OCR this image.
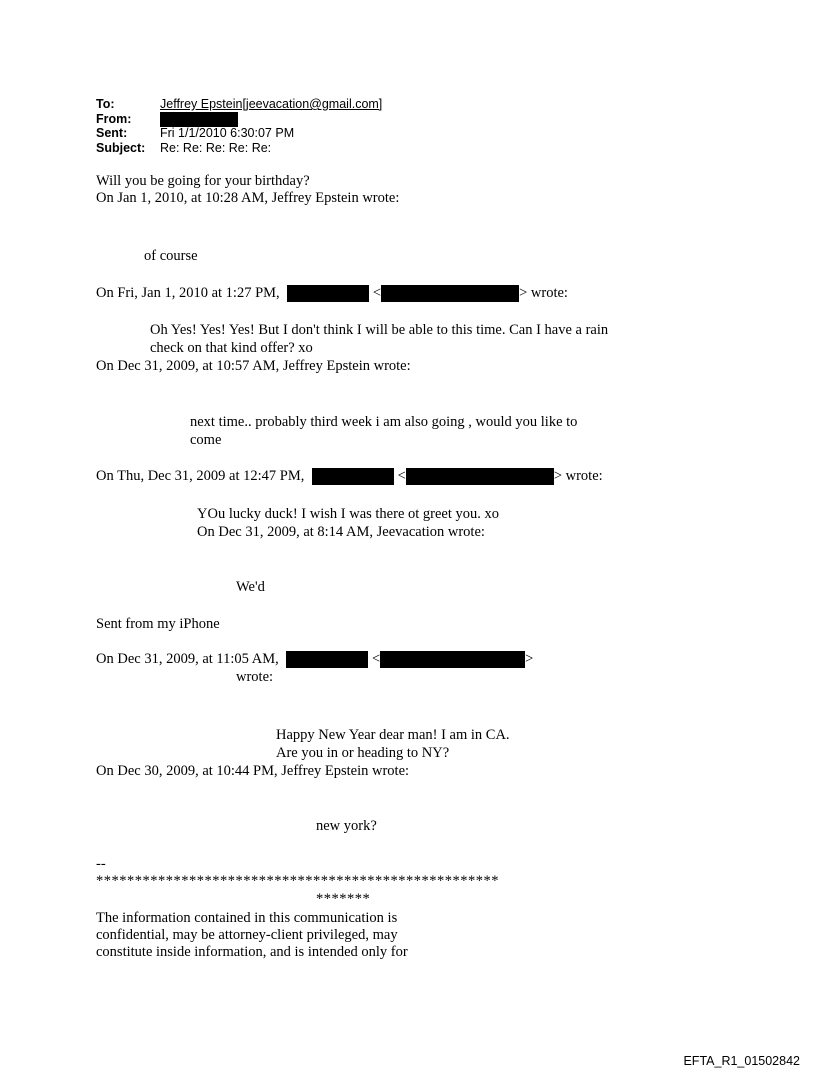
To:	Jeffrey Epstein[jeevacation@gmail.com]
From:
Sent:	Fri 1/1/2010 6:30:07 PM
Subject:	Re: Re: Re: Re: Re:
Will you be going for your birthday?
On Jan 1, 2010, at 10:28 AM, Jeffrey Epstein wrote:
of course
On Fri, Jan 1, 2010 at 1:27 PM,	<	> wrote:
Oh Yes! Yes! Yes! But I don't think I will be able to this time. Can I have a rain
check on that kind offer? xo
On Dec 31, 2009, at 10:57 AM, Jeffrey Epstein wrote:
next time.. probably third week i am also going , would you like to
come
On Thu, Dec 31, 2009 at 12:47 PM,	<	> wrote:
YOu lucky duck! I wish I was there ot greet you. xo
On Dec 31, 2009, at 8:14 AM, Jeevacation wrote:
We'd
Sent from my iPhone
On Dec 31, 2009, at 11:05 AM,	<	>
wrote:
Happy New Year dear man! I am in CA.
Are you in or heading to NY?
On Dec 30, 2009, at 10:44 PM, Jeffrey Epstein wrote:
new york?
--
****************************************************
*******
The information contained in this communication is
confidential, may be attorney-client privileged, may
constitute inside information, and is intended only for
EFTA_R1_01502842
